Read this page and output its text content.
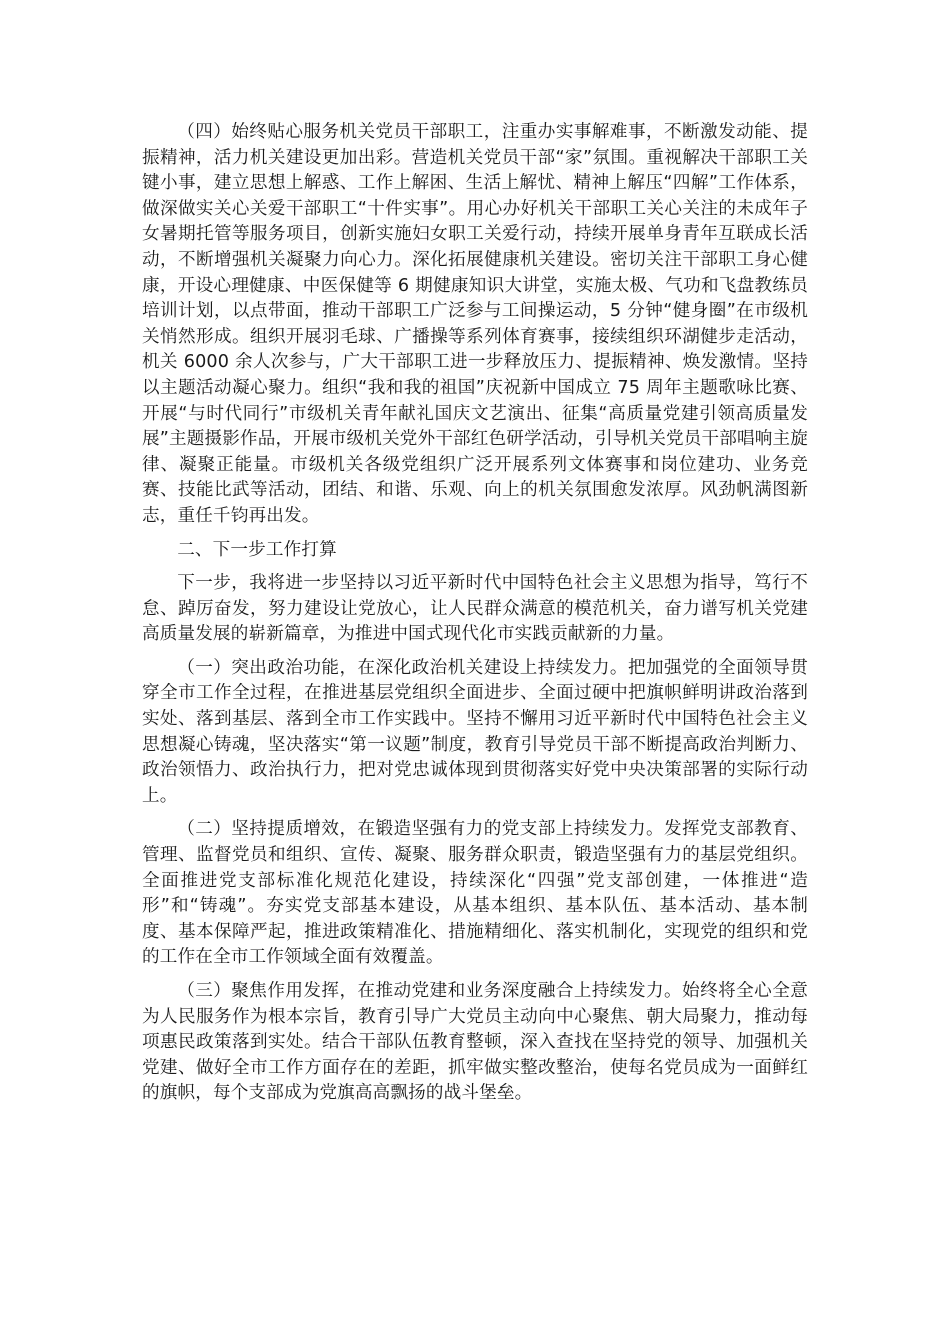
（四）始终贴心服务机关党员干部职工，注重办实事解难事，不断激发动能、提振精神，活力机关建设更加出彩。营造机关党员干部“家”氛围。重视解决干部职工关键小事，建立思想上解惑、工作上解困、生活上解忧、精神上解压“四解”工作体系，做深做实关心关爱干部职工“十件实事”。用心办好机关干部职工关心关注的未成年子女暑期托管等服务项目，创新实施妇女职工关爱行动，持续开展单身青年互联成长活动，不断增强机关凝聚力向心力。深化拓展健康机关建设。密切关注干部职工身心健康，开设心理健康、中医保健等 6 期健康知识大讲堂，实施太极、气功和飞盘教练员培训计划，以点带面，推动干部职工广泛参与工间操运动，5 分钟“健身圈”在市级机关悄然形成。组织开展羽毛球、广播操等系列体育赛事，接续组织环湖健步走活动，机关 6000 余人次参与，广大干部职工进一步释放压力、提振精神、焕发激情。坚持以主题活动凝心聚力。组织“我和我的祖国”庆祝新中国成立 75 周年主题歌咏比赛、开展“与时代同行”市级机关青年献礼国庆文艺演出、征集“高质量党建引领高质量发展”主题摄影作品，开展市级机关党外干部红色研学活动，引导机关党员干部唱响主旋律、凝聚正能量。市级机关各级党组织广泛开展系列文体赛事和岗位建功、业务竞赛、技能比武等活动，团结、和谐、乐观、向上的机关氛围愈发浓厚。风劲帆满图新志，重任千钧再出发。

二、下一步工作打算

下一步，我将进一步坚持以习近平新时代中国特色社会主义思想为指导，笃行不怠、踔厉奋发，努力建设让党放心，让人民群众满意的模范机关，奋力谱写机关党建高质量发展的崭新篇章，为推进中国式现代化市实践贡献新的力量。

（一）突出政治功能，在深化政治机关建设上持续发力。把加强党的全面领导贯穿全市工作全过程，在推进基层党组织全面进步、全面过硬中把旗帜鲜明讲政治落到实处、落到基层、落到全市工作实践中。坚持不懈用习近平新时代中国特色社会主义思想凝心铸魂，坚决落实“第一议题”制度，教育引导党员干部不断提高政治判断力、政治领悟力、政治执行力，把对党忠诚体现到贯彻落实好党中央决策部署的实际行动上。

（二）坚持提质增效，在锻造坚强有力的党支部上持续发力。发挥党支部教育、管理、监督党员和组织、宣传、凝聚、服务群众职责，锻造坚强有力的基层党组织。全面推进党支部标准化规范化建设，持续深化“四强”党支部创建，一体推进“造形”和“铸魂”。夯实党支部基本建设，从基本组织、基本队伍、基本活动、基本制度、基本保障严起，推进政策精准化、措施精细化、落实机制化，实现党的组织和党的工作在全市工作领域全面有效覆盖。

（三）聚焦作用发挥，在推动党建和业务深度融合上持续发力。始终将全心全意为人民服务作为根本宗旨，教育引导广大党员主动向中心聚焦、朝大局聚力，推动每项惠民政策落到实处。结合干部队伍教育整顿，深入查找在坚持党的领导、加强机关党建、做好全市工作方面存在的差距，抓牢做实整改整治，使每名党员成为一面鲜红的旗帜，每个支部成为党旗高高飘扬的战斗堡垒。
